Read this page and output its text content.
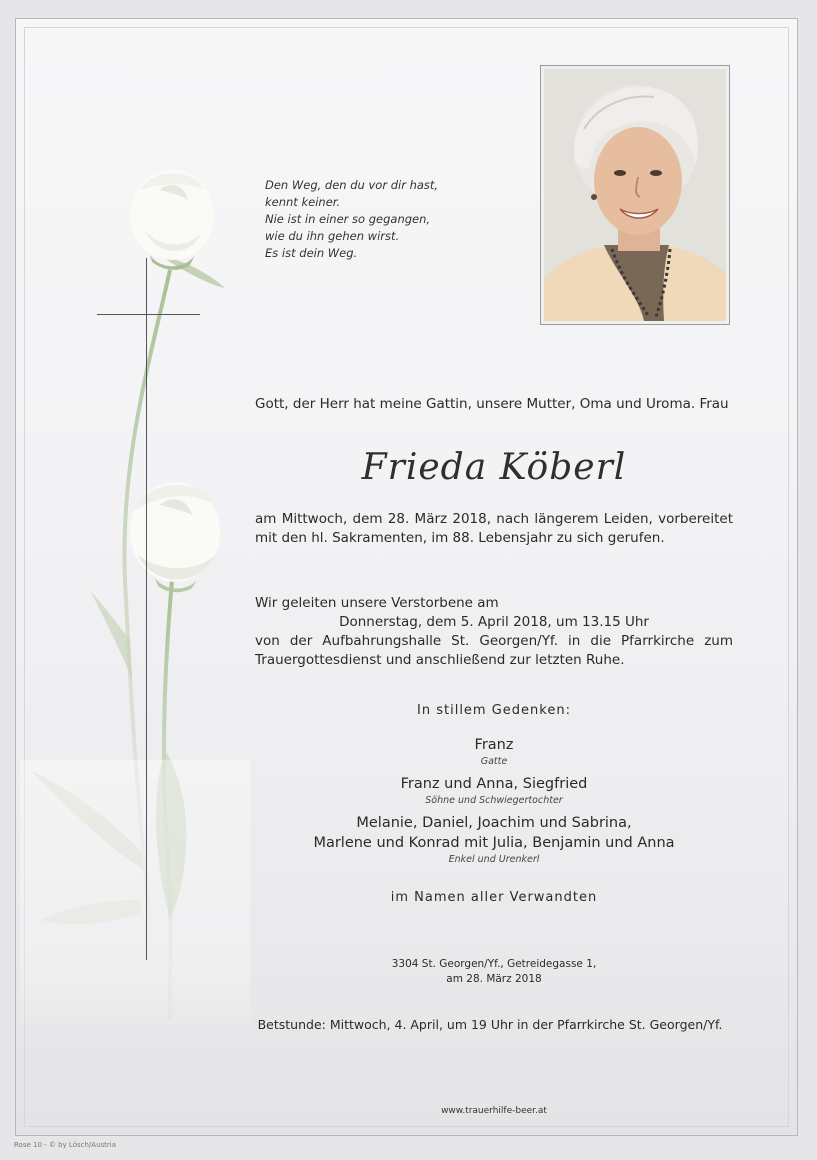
Den Weg, den du vor dir hast,
kennt keiner.
Nie ist in einer so gegangen,
wie du ihn gehen wirst.
Es ist dein Weg.
Gott, der Herr hat meine Gattin, unsere Mutter, Oma und Uroma. Frau
Frieda Köberl
am Mittwoch, dem 28. März 2018, nach längerem Leiden, vorbereitet mit den hl. Sakramenten, im 88. Lebensjahr zu sich gerufen.
Wir geleiten unsere Verstorbene am
Donnerstag, dem 5. April 2018, um 13.15 Uhr
von der Aufbahrungshalle St. Georgen/Yf. in die Pfarrkirche zum Trauergottesdienst und anschließend zur letzten Ruhe.
In stillem Gedenken:
Franz
Gatte
Franz und Anna, Siegfried
Söhne und Schwiegertochter
Melanie, Daniel, Joachim und Sabrina,
Marlene und Konrad mit Julia, Benjamin und Anna
Enkel und Urenkerl
im Namen aller Verwandten
3304 St. Georgen/Yf., Getreidegasse 1,
am 28. März 2018
Betstunde: Mittwoch, 4. April, um 19 Uhr in der Pfarrkirche St. Georgen/Yf.
www.trauerhilfe-beer.at
Rose 10 - © by Lösch/Austria
